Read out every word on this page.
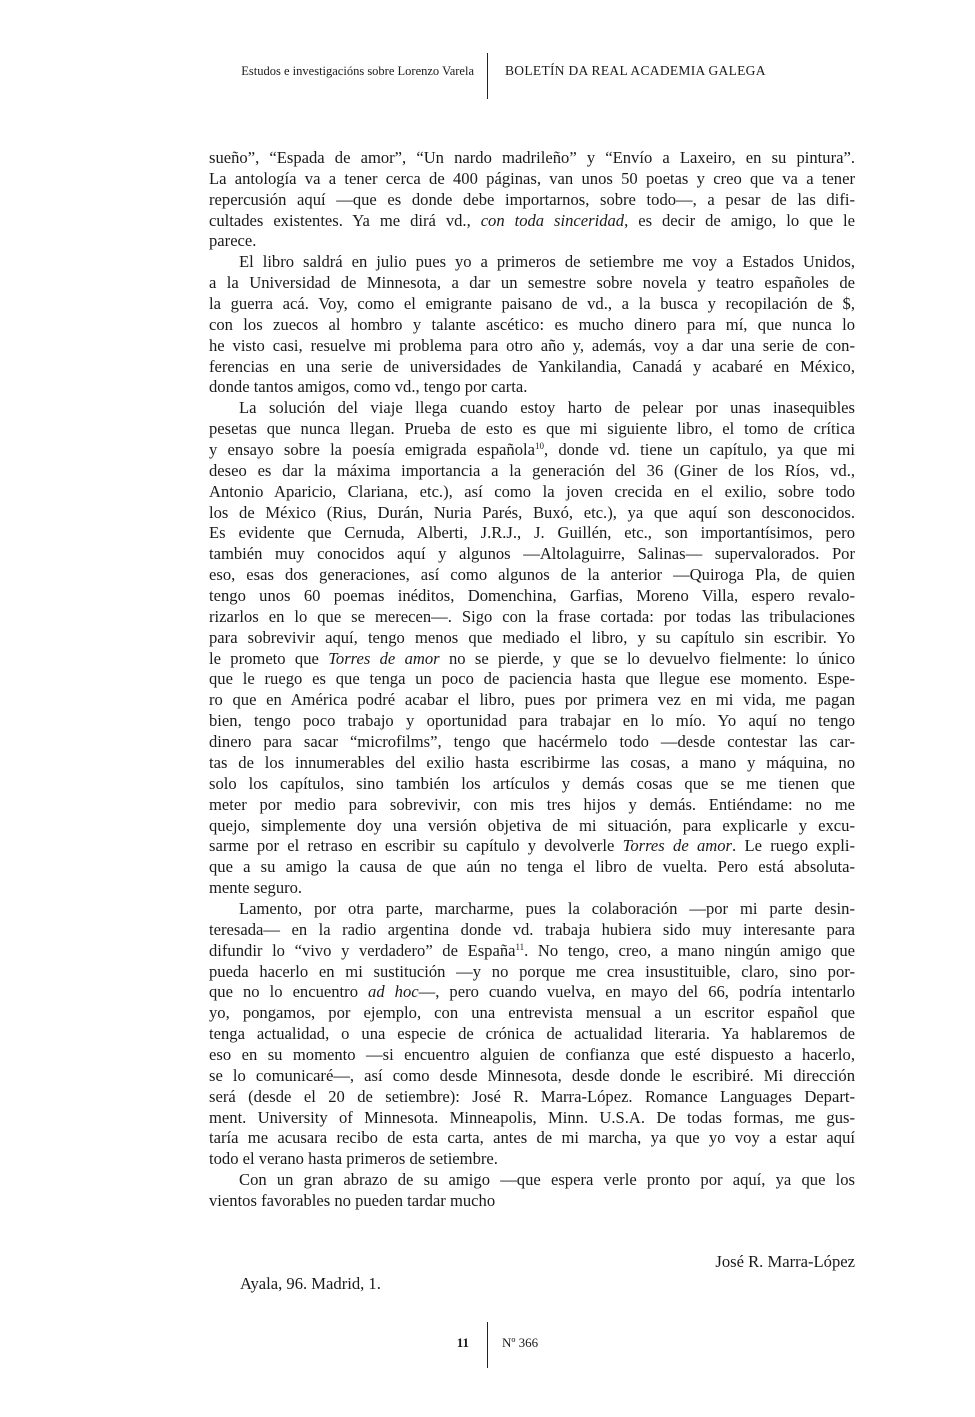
Estudos e investigacións sobre Lorenzo Varela BOLETÍN DA REAL ACADEMIA GALEGA
sueño”, “Espada de amor”, “Un nardo madrileño” y “Envío a Laxeiro, en su pintura”.
La antología va a tener cerca de 400 páginas, van unos 50 poetas y creo que va a tener
repercusión aquí —que es donde debe importarnos, sobre todo—, a pesar de las difi-
cultades existentes. Ya me dirá vd., con toda sinceridad, es decir de amigo, lo que le
parece.
El libro saldrá en julio pues yo a primeros de setiembre me voy a Estados Unidos,
a la Universidad de Minnesota, a dar un semestre sobre novela y teatro españoles de
la guerra acá. Voy, como el emigrante paisano de vd., a la busca y recopilación de $,
con los zuecos al hombro y talante ascético: es mucho dinero para mí, que nunca lo
he visto casi, resuelve mi problema para otro año y, además, voy a dar una serie de con-
ferencias en una serie de universidades de Yankilandia, Canadá y acabaré en México,
donde tantos amigos, como vd., tengo por carta.
La solución del viaje llega cuando estoy harto de pelear por unas inasequibles
pesetas que nunca llegan. Prueba de esto es que mi siguiente libro, el tomo de crítica
y ensayo sobre la poesía emigrada española$^{10}$, donde vd. tiene un capítulo, ya que mi
deseo es dar la máxima importancia a la generación del 36 (Giner de los Ríos, vd.,
Antonio Aparicio, Clariana, etc.), así como la joven crecida en el exilio, sobre todo
los de México (Rius, Durán, Nuria Parés, Buxó, etc.), ya que aquí son desconocidos.
Es evidente que Cernuda, Alberti, J.R.J., J. Guillén, etc., son importantísimos, pero
también muy conocidos aquí y algunos —Altolaguirre, Salinas— supervalorados. Por
eso, esas dos generaciones, así como algunos de la anterior —Quiroga Pla, de quien
tengo unos 60 poemas inéditos, Domenchina, Garfias, Moreno Villa, espero revalo-
rizarlos en lo que se merecen—. Sigo con la frase cortada: por todas las tribulaciones
para sobrevivir aquí, tengo menos que mediado el libro, y su capítulo sin escribir. Yo
le prometo que Torres de amor no se pierde, y que se lo devuelvo fielmente: lo único
que le ruego es que tenga un poco de paciencia hasta que llegue ese momento. Espe-
ro que en América podré acabar el libro, pues por primera vez en mi vida, me pagan
bien, tengo poco trabajo y oportunidad para trabajar en lo mío. Yo aquí no tengo
dinero para sacar “microfilms”, tengo que hacérmelo todo —desde contestar las car-
tas de los innumerables del exilio hasta escribirme las cosas, a mano y máquina, no
solo los capítulos, sino también los artículos y demás cosas que se me tienen que
meter por medio para sobrevivir, con mis tres hijos y demás. Entiéndame: no me
quejo, simplemente doy una versión objetiva de mi situación, para explicarle y excu-
sarme por el retraso en escribir su capítulo y devolverle Torres de amor. Le ruego expli-
que a su amigo la causa de que aún no tenga el libro de vuelta. Pero está absoluta-
mente seguro.
Lamento, por otra parte, marcharme, pues la colaboración —por mi parte desin-
teresada— en la radio argentina donde vd. trabaja hubiera sido muy interesante para
difundir lo “vivo y verdadero” de España$^{11}$. No tengo, creo, a mano ningún amigo que
pueda hacerlo en mi sustitución —y no porque me crea insustituible, claro, sino por-
que no lo encuentro ad hoc—, pero cuando vuelva, en mayo del 66, podría intentarlo
yo, pongamos, por ejemplo, con una entrevista mensual a un escritor español que
tenga actualidad, o una especie de crónica de actualidad literaria. Ya hablaremos de
eso en su momento —si encuentro alguien de confianza que esté dispuesto a hacerlo,
se lo comunicaré—, así como desde Minnesota, desde donde le escribiré. Mi dirección
será (desde el 20 de setiembre): José R. Marra-López. Romance Languages Depart-
ment. University of Minnesota. Minneapolis, Minn. U.S.A. De todas formas, me gus-
taría me acusara recibo de esta carta, antes de mi marcha, ya que yo voy a estar aquí
todo el verano hasta primeros de setiembre.
Con un gran abrazo de su amigo —que espera verle pronto por aquí, ya que los
vientos favorables no pueden tardar mucho
José R. Marra-López
Ayala, 96. Madrid, 1.
11	Nº 366
